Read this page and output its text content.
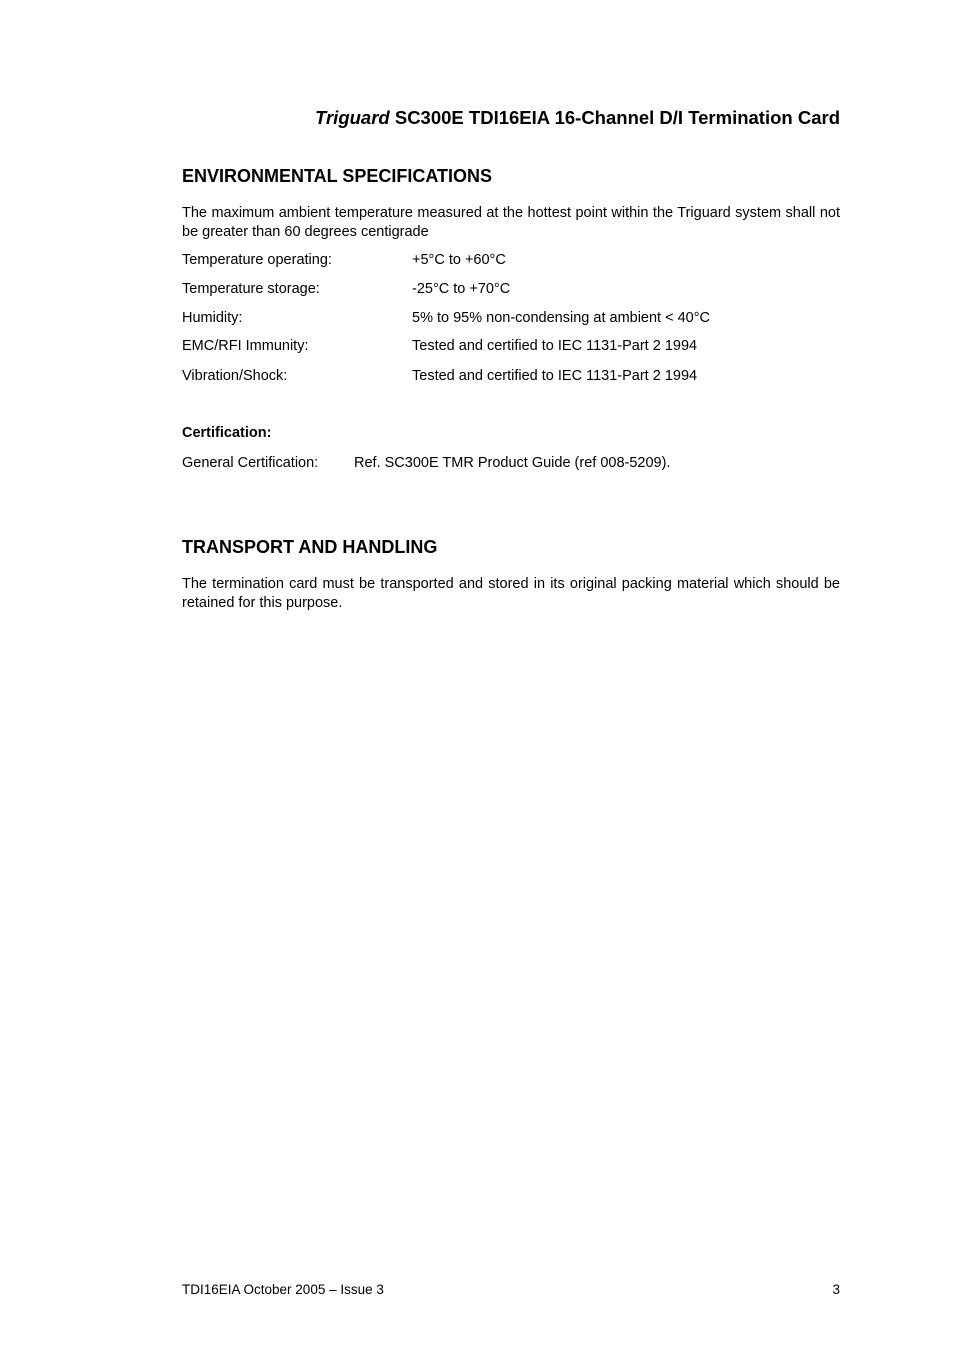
Triguard SC300E TDI16EIA 16-Channel D/I Termination Card
ENVIRONMENTAL SPECIFICATIONS

The maximum ambient temperature measured at the hottest point within the Triguard system shall not be greater than 60 degrees centigrade

Temperature operating:	+5°C to +60°C
Temperature storage:	-25°C to +70°C
Humidity:	5% to 95% non-condensing at ambient < 40°C
EMC/RFI Immunity:	Tested and certified to IEC 1131-Part 2 1994
Vibration/Shock:	Tested and certified to IEC 1131-Part 2 1994
Certification:
General Certification: Ref. SC300E TMR Product Guide (ref 008-5209).
TRANSPORT AND HANDLING

The termination card must be transported and stored in its original packing material which should be retained for this purpose.

TDI16EIA October 2005 – Issue 3	3
